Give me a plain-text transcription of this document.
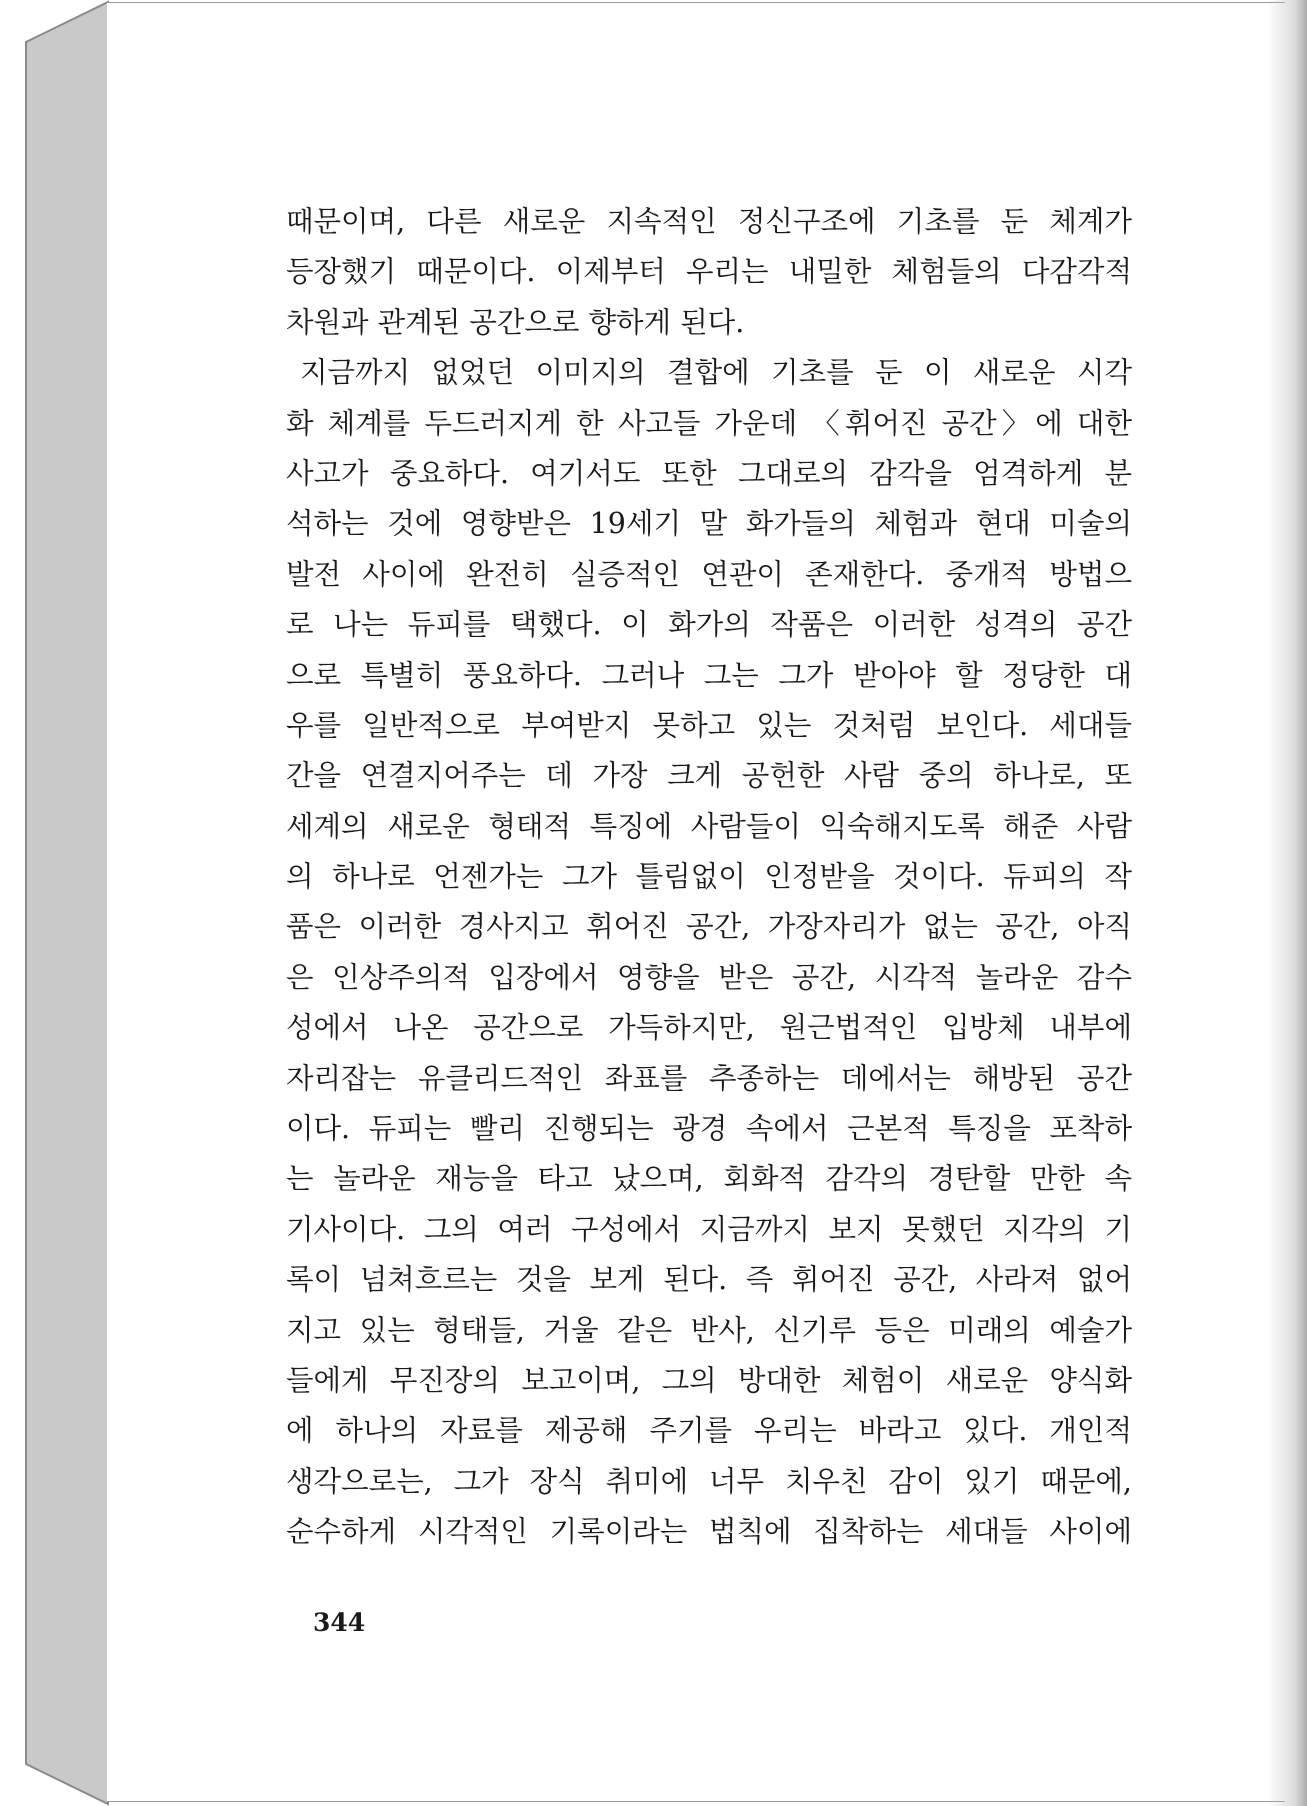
때문이며, 다른 새로운 지속적인 정신구조에 기초를 둔 체계가
등장했기 때문이다. 이제부터 우리는 내밀한 체험들의 다감각적
차원과 관계된 공간으로 향하게 된다.
지금까지 없었던 이미지의 결합에 기초를 둔 이 새로운 시각
화 체계를 두드러지게 한 사고들 가운데 〈휘어진 공간〉에 대한
사고가 중요하다. 여기서도 또한 그대로의 감각을 엄격하게 분
석하는 것에 영향받은 19세기 말 화가들의 체험과 현대 미술의
발전 사이에 완전히 실증적인 연관이 존재한다. 중개적 방법으
로 나는 듀피를 택했다. 이 화가의 작품은 이러한 성격의 공간
으로 특별히 풍요하다. 그러나 그는 그가 받아야 할 정당한 대
우를 일반적으로 부여받지 못하고 있는 것처럼 보인다. 세대들
간을 연결지어주는 데 가장 크게 공헌한 사람 중의 하나로, 또
세계의 새로운 형태적 특징에 사람들이 익숙해지도록 해준 사람
의 하나로 언젠가는 그가 틀림없이 인정받을 것이다. 듀피의 작
품은 이러한 경사지고 휘어진 공간, 가장자리가 없는 공간, 아직
은 인상주의적 입장에서 영향을 받은 공간, 시각적 놀라운 감수
성에서 나온 공간으로 가득하지만, 원근법적인 입방체 내부에
자리잡는 유클리드적인 좌표를 추종하는 데에서는 해방된 공간
이다. 듀피는 빨리 진행되는 광경 속에서 근본적 특징을 포착하
는 놀라운 재능을 타고 났으며, 회화적 감각의 경탄할 만한 속
기사이다. 그의 여러 구성에서 지금까지 보지 못했던 지각의 기
록이 넘쳐흐르는 것을 보게 된다. 즉 휘어진 공간, 사라져 없어
지고 있는 형태들, 거울 같은 반사, 신기루 등은 미래의 예술가
들에게 무진장의 보고이며, 그의 방대한 체험이 새로운 양식화
에 하나의 자료를 제공해 주기를 우리는 바라고 있다. 개인적
생각으로는, 그가 장식 취미에 너무 치우친 감이 있기 때문에,
순수하게 시각적인 기록이라는 법칙에 집착하는 세대들 사이에
344
